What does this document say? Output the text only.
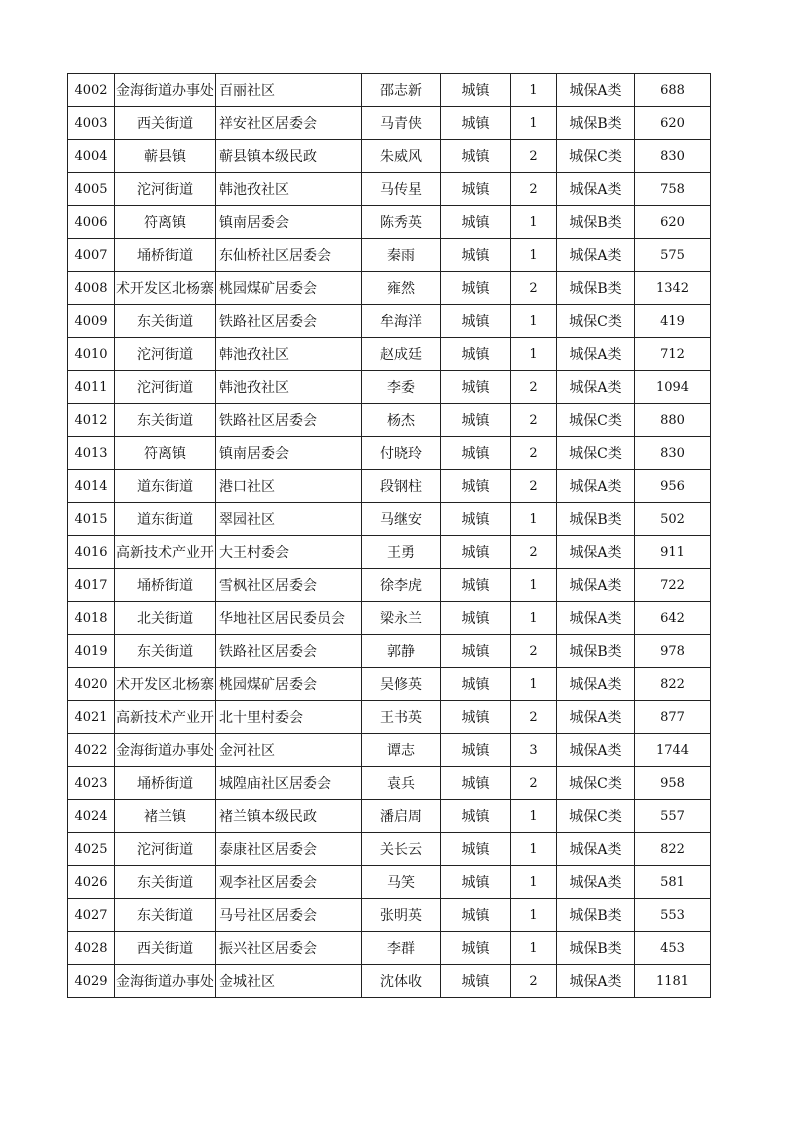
4002	金海街道办事处	百丽社区	邵志新	城镇	1	城保A类	688
4003	西关街道	祥安社区居委会	马青侠	城镇	1	城保B类	620
4004	蕲县镇	蕲县镇本级民政	朱威风	城镇	2	城保C类	830
4005	沱河街道	韩池孜社区	马传星	城镇	2	城保A类	758
4006	符离镇	镇南居委会	陈秀英	城镇	1	城保B类	620
4007	埇桥街道	东仙桥社区居委会	秦雨	城镇	1	城保A类	575
4008	术开发区北杨寨	桃园煤矿居委会	雍然	城镇	2	城保B类	1342
4009	东关街道	铁路社区居委会	牟海洋	城镇	1	城保C类	419
4010	沱河街道	韩池孜社区	赵成廷	城镇	1	城保A类	712
4011	沱河街道	韩池孜社区	李委	城镇	2	城保A类	1094
4012	东关街道	铁路社区居委会	杨杰	城镇	2	城保C类	880
4013	符离镇	镇南居委会	付晓玲	城镇	2	城保C类	830
4014	道东街道	港口社区	段钢柱	城镇	2	城保A类	956
4015	道东街道	翠园社区	马继安	城镇	1	城保B类	502
4016	高新技术产业开	大王村委会	王勇	城镇	2	城保A类	911
4017	埇桥街道	雪枫社区居委会	徐李虎	城镇	1	城保A类	722
4018	北关街道	华地社区居民委员会	梁永兰	城镇	1	城保A类	642
4019	东关街道	铁路社区居委会	郭静	城镇	2	城保B类	978
4020	术开发区北杨寨	桃园煤矿居委会	吴修英	城镇	1	城保A类	822
4021	高新技术产业开	北十里村委会	王书英	城镇	2	城保A类	877
4022	金海街道办事处	金河社区	谭志	城镇	3	城保A类	1744
4023	埇桥街道	城隍庙社区居委会	袁兵	城镇	2	城保C类	958
4024	褚兰镇	褚兰镇本级民政	潘启周	城镇	1	城保C类	557
4025	沱河街道	泰康社区居委会	关长云	城镇	1	城保A类	822
4026	东关街道	观李社区居委会	马笑	城镇	1	城保A类	581
4027	东关街道	马号社区居委会	张明英	城镇	1	城保B类	553
4028	西关街道	振兴社区居委会	李群	城镇	1	城保B类	453
4029	金海街道办事处	金城社区	沈体收	城镇	2	城保A类	1181
